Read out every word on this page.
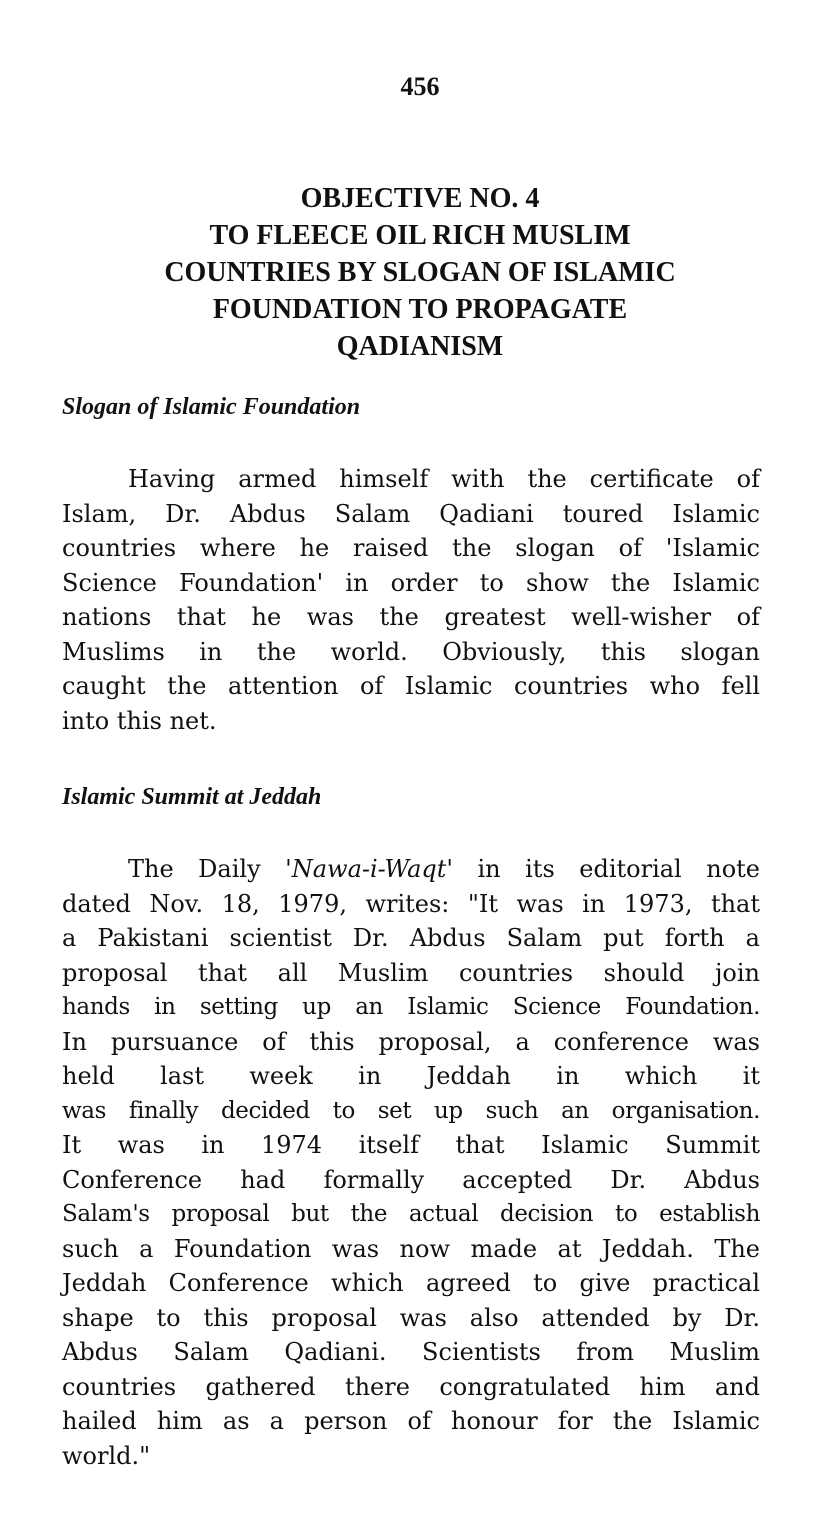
456
OBJECTIVE NO. 4
TO FLEECE OIL RICH MUSLIM
COUNTRIES BY SLOGAN OF ISLAMIC
FOUNDATION TO PROPAGATE
QADIANISM
Slogan of Islamic Foundation
Having armed himself with the certificate of
Islam, Dr. Abdus Salam Qadiani toured Islamic
countries where he raised the slogan of 'Islamic
Science Foundation' in order to show the Islamic
nations that he was the greatest well-wisher of
Muslims in the world. Obviously, this slogan
caught the attention of Islamic countries who fell
into this net.
Islamic Summit at Jeddah
The Daily 'Nawa-i-Waqt' in its editorial note
dated Nov. 18, 1979, writes: "It was in 1973, that
a Pakistani scientist Dr. Abdus Salam put forth a
proposal that all Muslim countries should join
hands in setting up an Islamic Science Foundation.
In pursuance of this proposal, a conference was
held last week in Jeddah in which it
was finally decided to set up such an organisation.
It was in 1974 itself that Islamic Summit
Conference had formally accepted Dr. Abdus
Salam's proposal but the actual decision to establish
such a Foundation was now made at Jeddah. The
Jeddah Conference which agreed to give practical
shape to this proposal was also attended by Dr.
Abdus Salam Qadiani. Scientists from Muslim
countries gathered there congratulated him and
hailed him as a person of honour for the Islamic
world."
